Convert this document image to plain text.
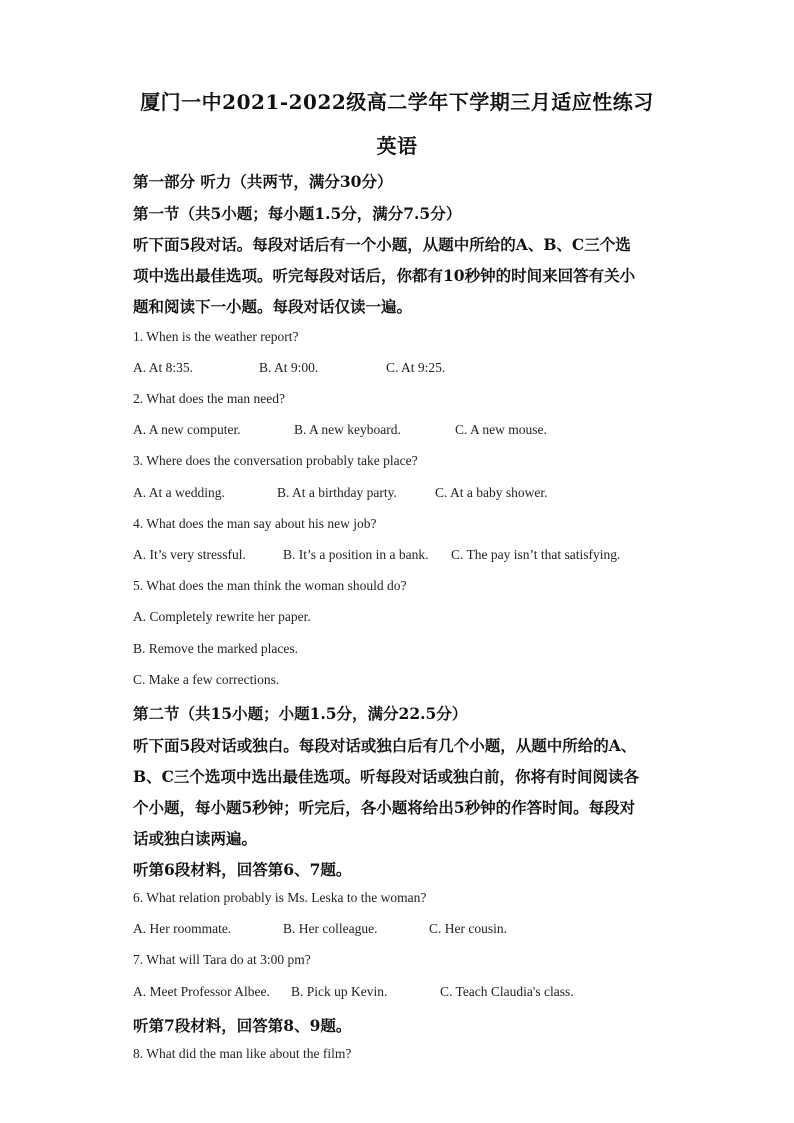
厦门一中2021-2022级高二学年下学期三月适应性练习
英语
第一部分 听力（共两节，满分30分）
第一节（共5小题；每小题1.5分，满分7.5分）
听下面5段对话。每段对话后有一个小题，从题中所给的A、B、C三个选
项中选出最佳选项。听完每段对话后，你都有10秒钟的时间来回答有关小
题和阅读下一小题。每段对话仅读一遍。
1. When is the weather report?
A. At 8:35.	B. At 9:00.	C. At 9:25.
2. What does the man need?
A. A new computer.	B. A new keyboard.	C. A new mouse.
3. Where does the conversation probably take place?
A. At a wedding.	B. At a birthday party.	C. At a baby shower.
4. What does the man say about his new job?
A. It’s very stressful.	B. It’s a position in a bank. C. The pay isn’t that satisfying.
5. What does the man think the woman should do?
A. Completely rewrite her paper.
B. Remove the marked places.
C. Make a few corrections.
第二节（共15小题；小题1.5分，满分22.5分）
听下面5段对话或独白。每段对话或独白后有几个小题，从题中所给的A、
B、C三个选项中选出最佳选项。听每段对话或独白前，你将有时间阅读各
个小题，每小题5秒钟；听完后，各小题将给出5秒钟的作答时间。每段对
话或独白读两遍。
听第6段材料，回答第6、7题。
6. What relation probably is Ms. Leska to the woman?
A. Her roommate.	B. Her colleague.	C. Her cousin.
7. What will Tara do at 3:00 pm?
A. Meet Professor Albee. B. Pick up Kevin.	C. Teach Claudia's class.
听第7段材料，回答第8、9题。
8. What did the man like about the film?
